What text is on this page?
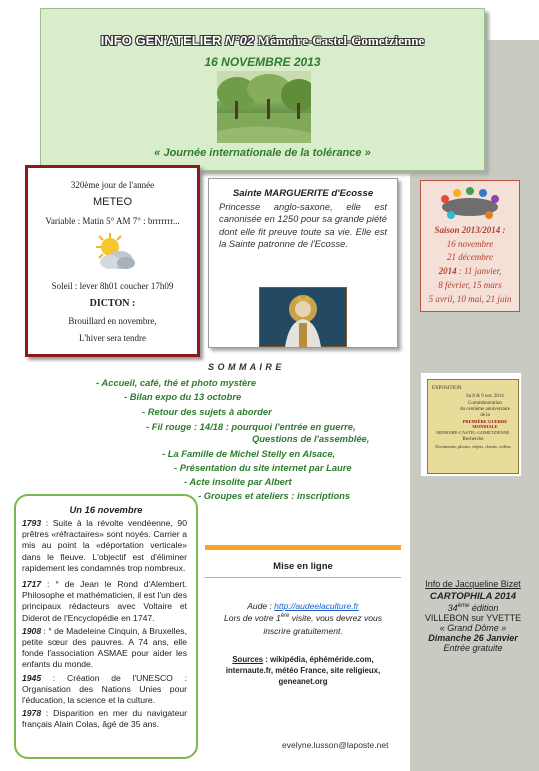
INFO GEN'ATELIER N°02 Mémoire-Castel-Gometzienne
16 NOVEMBRE 2013
« Journée internationale de la tolérance »
320ème jour de l'année
METEO
Variable : Matin 5° AM 7° : brrrrrrr...
Soleil : lever 8h01 coucher 17h09
DICTON :
Brouillard en novembre,
L'hiver sera tendre
Sainte MARGUERITE d'Ecosse
Princesse anglo-saxone, elle est canonisée en 1250 pour sa grande piété dont elle fit preuve toute sa vie. Elle est la Sainte patronne de l'Ecosse.
Saison 2013/2014 :
16 novembre
21 décembre
2014 : 11 janvier,
8 février, 15 mars
5 avril, 10 mai, 21 juin
S O M M A I R E
- Accueil, café, thé et photo mystère
- Bilan expo du 13 octobre
- Retour des sujets à aborder
- Fil rouge : 14/18 : pourquoi l'entrée en guerre,
Questions de l'assemblée,
- La Famille de Michel Stelly en Alsace,
- Présentation du site internet par Laure
- Acte insolite par Albert
- Groupes et ateliers : inscriptions
EXPOSITION
Sa 8 & 9 nov 2014
Commémoration
du centième anniversaire
de la
PREMIÈRE GUERRE MONDIALE
MEMOIRE-CASTEL-GOMETZIENNE
Recherche
Documents, photos, objets, chants, vidéos
Un 16 novembre
1793 : Suite à la révolte vendéenne, 90 prêtres «réfractaires» sont noyés. Carrier a mis au point la «déportation verticale» dans le fleuve. L'objectif est d'éliminer rapidement les condamnés trop nombreux.
1717 : ° de Jean le Rond d'Alembert. Philosophe et mathématicien, il est l'un des principaux rédacteurs avec Voltaire et Diderot de l'Encyclopédie en 1747.
1908 : ° de Madeleine Cinquin, à Bruxelles, petite sœur des pauvres. A 74 ans, elle fonde l'association ASMAE pour aider les enfants du monde.
1945 : Création de l'UNESCO : Organisation des Nations Unies pour l'éducation, la science et la culture.
1978 : Disparition en mer du navigateur français Alain Colas, âgé de 35 ans.
Mise en ligne
Aude : http://audeelaculture.fr
Lors de votre 1ère visite, vous devrez vous
inscrire gratuitement.
Sources : wikipédia, éphéméride.com,
internaute.fr, météo France, site religieux,
geneanet.org
Info de Jacqueline Bizet
CARTOPHILA 2014
34ème édition
VILLEBON sur YVETTE
« Grand Dôme »
Dimanche 26 Janvier
Entrée gratuite
evelyne.lusson@laposte.net
